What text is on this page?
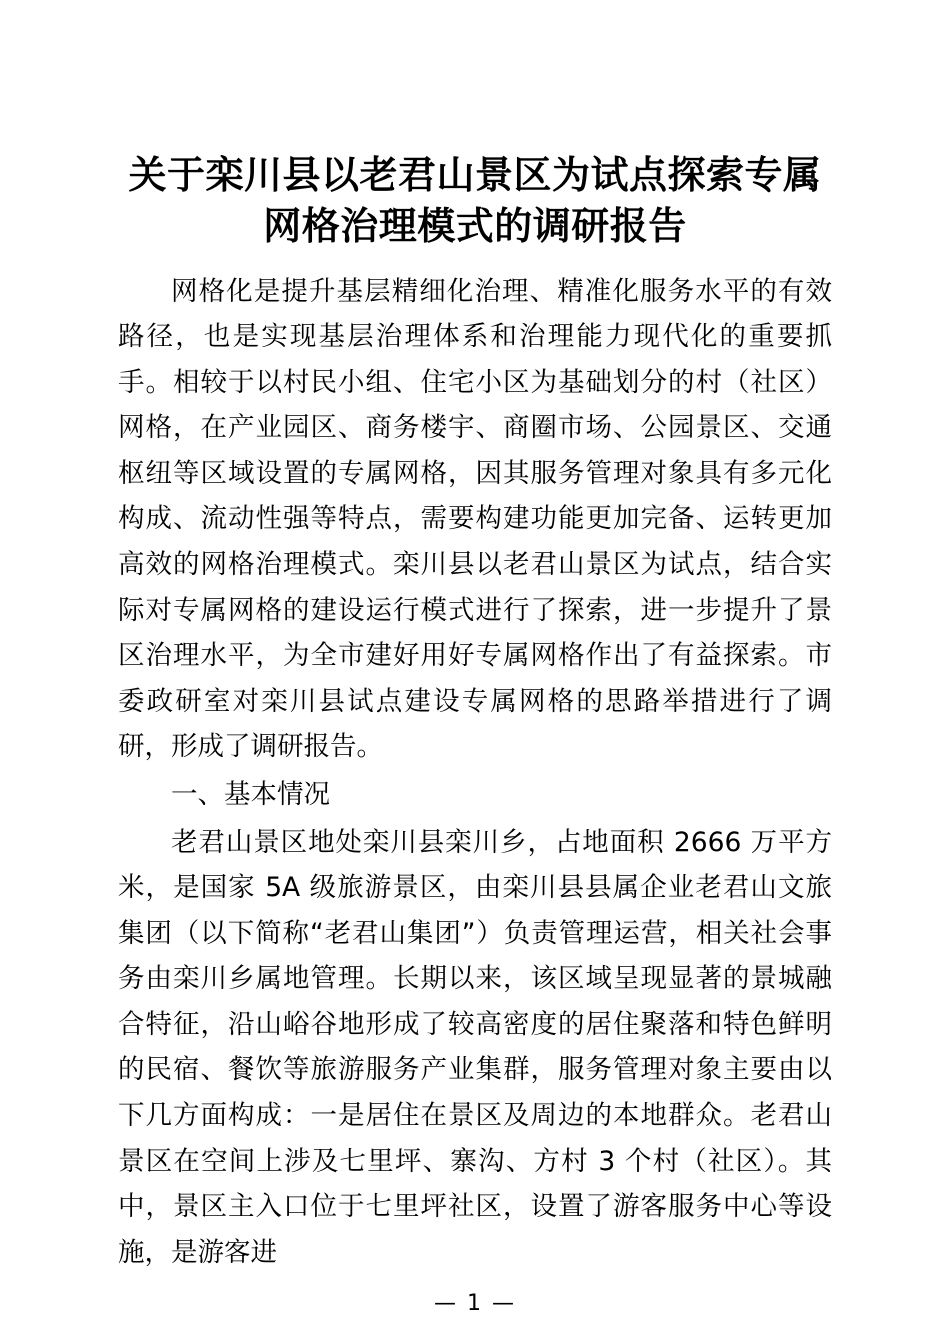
关于栾川县以老君山景区为试点探索专属网格治理模式的调研报告

网格化是提升基层精细化治理、精准化服务水平的有效路径，也是实现基层治理体系和治理能力现代化的重要抓手。相较于以村民小组、住宅小区为基础划分的村（社区）网格，在产业园区、商务楼宇、商圈市场、公园景区、交通枢纽等区域设置的专属网格，因其服务管理对象具有多元化构成、流动性强等特点，需要构建功能更加完备、运转更加高效的网格治理模式。栾川县以老君山景区为试点，结合实际对专属网格的建设运行模式进行了探索，进一步提升了景区治理水平，为全市建好用好专属网格作出了有益探索。市委政研室对栾川县试点建设专属网格的思路举措进行了调研，形成了调研报告。

一、基本情况

老君山景区地处栾川县栾川乡，占地面积 2666 万平方米，是国家 5A 级旅游景区，由栾川县县属企业老君山文旅集团（以下简称“老君山集团”）负责管理运营，相关社会事务由栾川乡属地管理。长期以来，该区域呈现显著的景城融合特征，沿山峪谷地形成了较高密度的居住聚落和特色鲜明的民宿、餐饮等旅游服务产业集群，服务管理对象主要由以下几方面构成：一是居住在景区及周边的本地群众。老君山景区在空间上涉及七里坪、寨沟、方村 3 个村（社区）。其中，景区主入口位于七里坪社区，设置了游客服务中心等设施，是游客进

— 1 —
